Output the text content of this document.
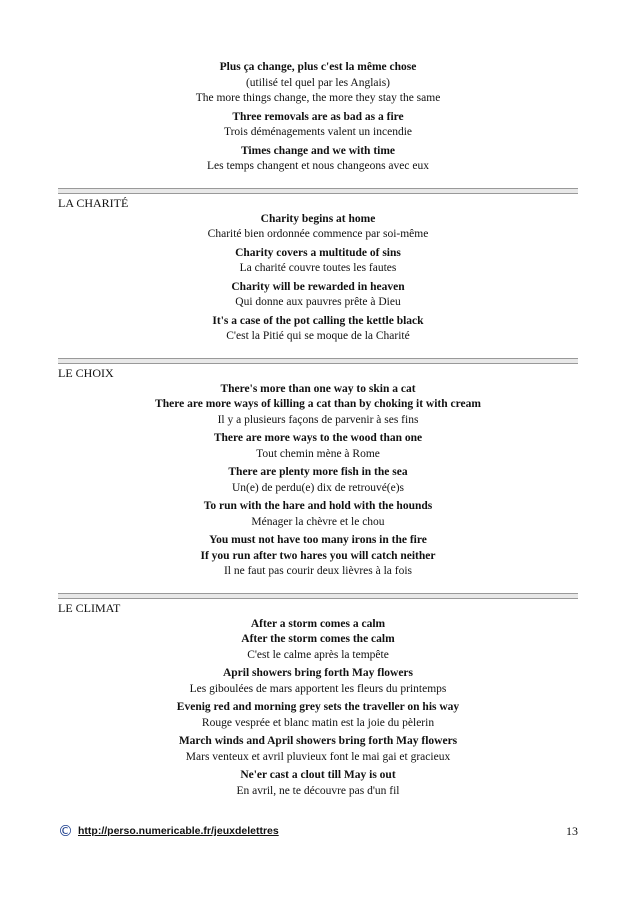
Plus ça change, plus c'est la même chose
(utilisé tel quel par les Anglais)
The more things change, the more they stay the same
Three removals are as bad as a fire
Trois déménagements valent un incendie
Times change and we with time
Les temps changent et nous changeons avec eux
LA CHARITÉ
Charity begins at home
Charité bien ordonnée commence par soi-même
Charity covers a multitude of sins
La charité couvre toutes les fautes
Charity will be rewarded in heaven
Qui donne aux pauvres prête à Dieu
It's a case of the pot calling the kettle black
C'est la Pitié qui se moque de la Charité
LE CHOIX
There's more than one way to skin a cat
There are more ways of killing a cat than by choking it with cream
Il y a plusieurs façons de parvenir à ses fins
There are more ways to the wood than one
Tout chemin mène à Rome
There are plenty more fish in the sea
Un(e) de perdu(e) dix de retrouvé(e)s
To run with the hare and hold with the hounds
Ménager la chèvre et le chou
You must not have too many irons in the fire
If you run after two hares you will catch neither
Il ne faut pas courir deux lièvres à la fois
LE CLIMAT
After a storm comes a calm
After the storm comes the calm
C'est le calme après la tempête
April showers bring forth May flowers
Les giboulées de mars apportent les fleurs du printemps
Evenig red and morning grey sets the traveller on his way
Rouge vesprée et blanc matin est la joie du pèlerin
March winds and April showers bring forth May flowers
Mars venteux et avril pluvieux font le mai gai et gracieux
Ne'er cast a clout till May is out
En avril, ne te découvre pas d'un fil
© http://perso.numericable.fr/jeuxdelettres	13
